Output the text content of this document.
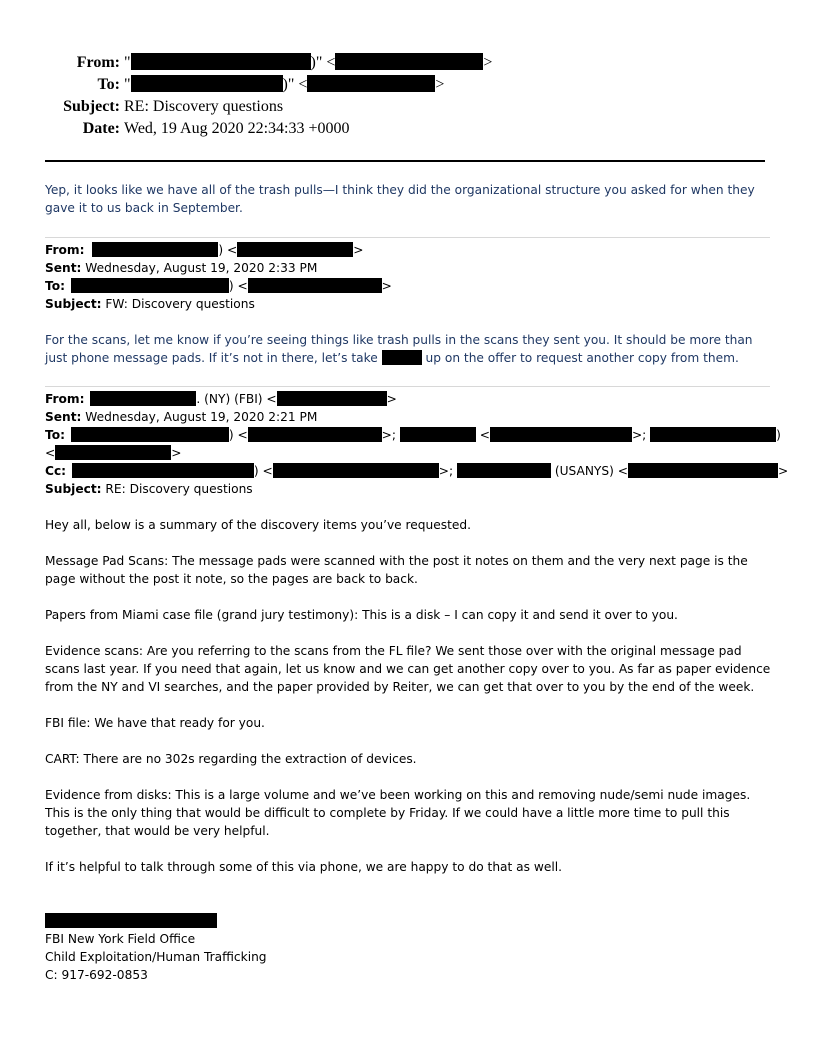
From: "	)" <	>
To: "	)" <	>
Subject: RE: Discovery questions
Date: Wed, 19 Aug 2020 22:34:33 +0000

Yep, it looks like we have all of the trash pulls—I think they did the organizational structure you asked for when they gave it to us back in September.

From:	) <	>
Sent: Wednesday, August 19, 2020 2:33 PM
To:	) <	>
Subject: FW: Discovery questions

For the scans, let me know if you’re seeing things like trash pulls in the scans they sent you. It should be more than just phone message pads. If it’s not in there, let’s take	up on the offer to request another copy from them.

From:	. (NY) (FBI) <	>
Sent: Wednesday, August 19, 2020 2:21 PM
To:	) <	>;	<	>;	)
<	>
Cc:	) <	>;	(USANYS) <	>
Subject: RE: Discovery questions

Hey all, below is a summary of the discovery items you’ve requested.

Message Pad Scans: The message pads were scanned with the post it notes on them and the very next page is the page without the post it note, so the pages are back to back.

Papers from Miami case file (grand jury testimony): This is a disk – I can copy it and send it over to you.

Evidence scans: Are you referring to the scans from the FL file? We sent those over with the original message pad scans last year. If you need that again, let us know and we can get another copy over to you. As far as paper evidence from the NY and VI searches, and the paper provided by Reiter, we can get that over to you by the end of the week.

FBI file: We have that ready for you.

CART: There are no 302s regarding the extraction of devices.

Evidence from disks: This is a large volume and we’ve been working on this and removing nude/semi nude images. This is the only thing that would be difficult to complete by Friday. If we could have a little more time to pull this together, that would be very helpful.

If it’s helpful to talk through some of this via phone, we are happy to do that as well.

FBI New York Field Office
Child Exploitation/Human Trafficking
C: 917-692-0853
